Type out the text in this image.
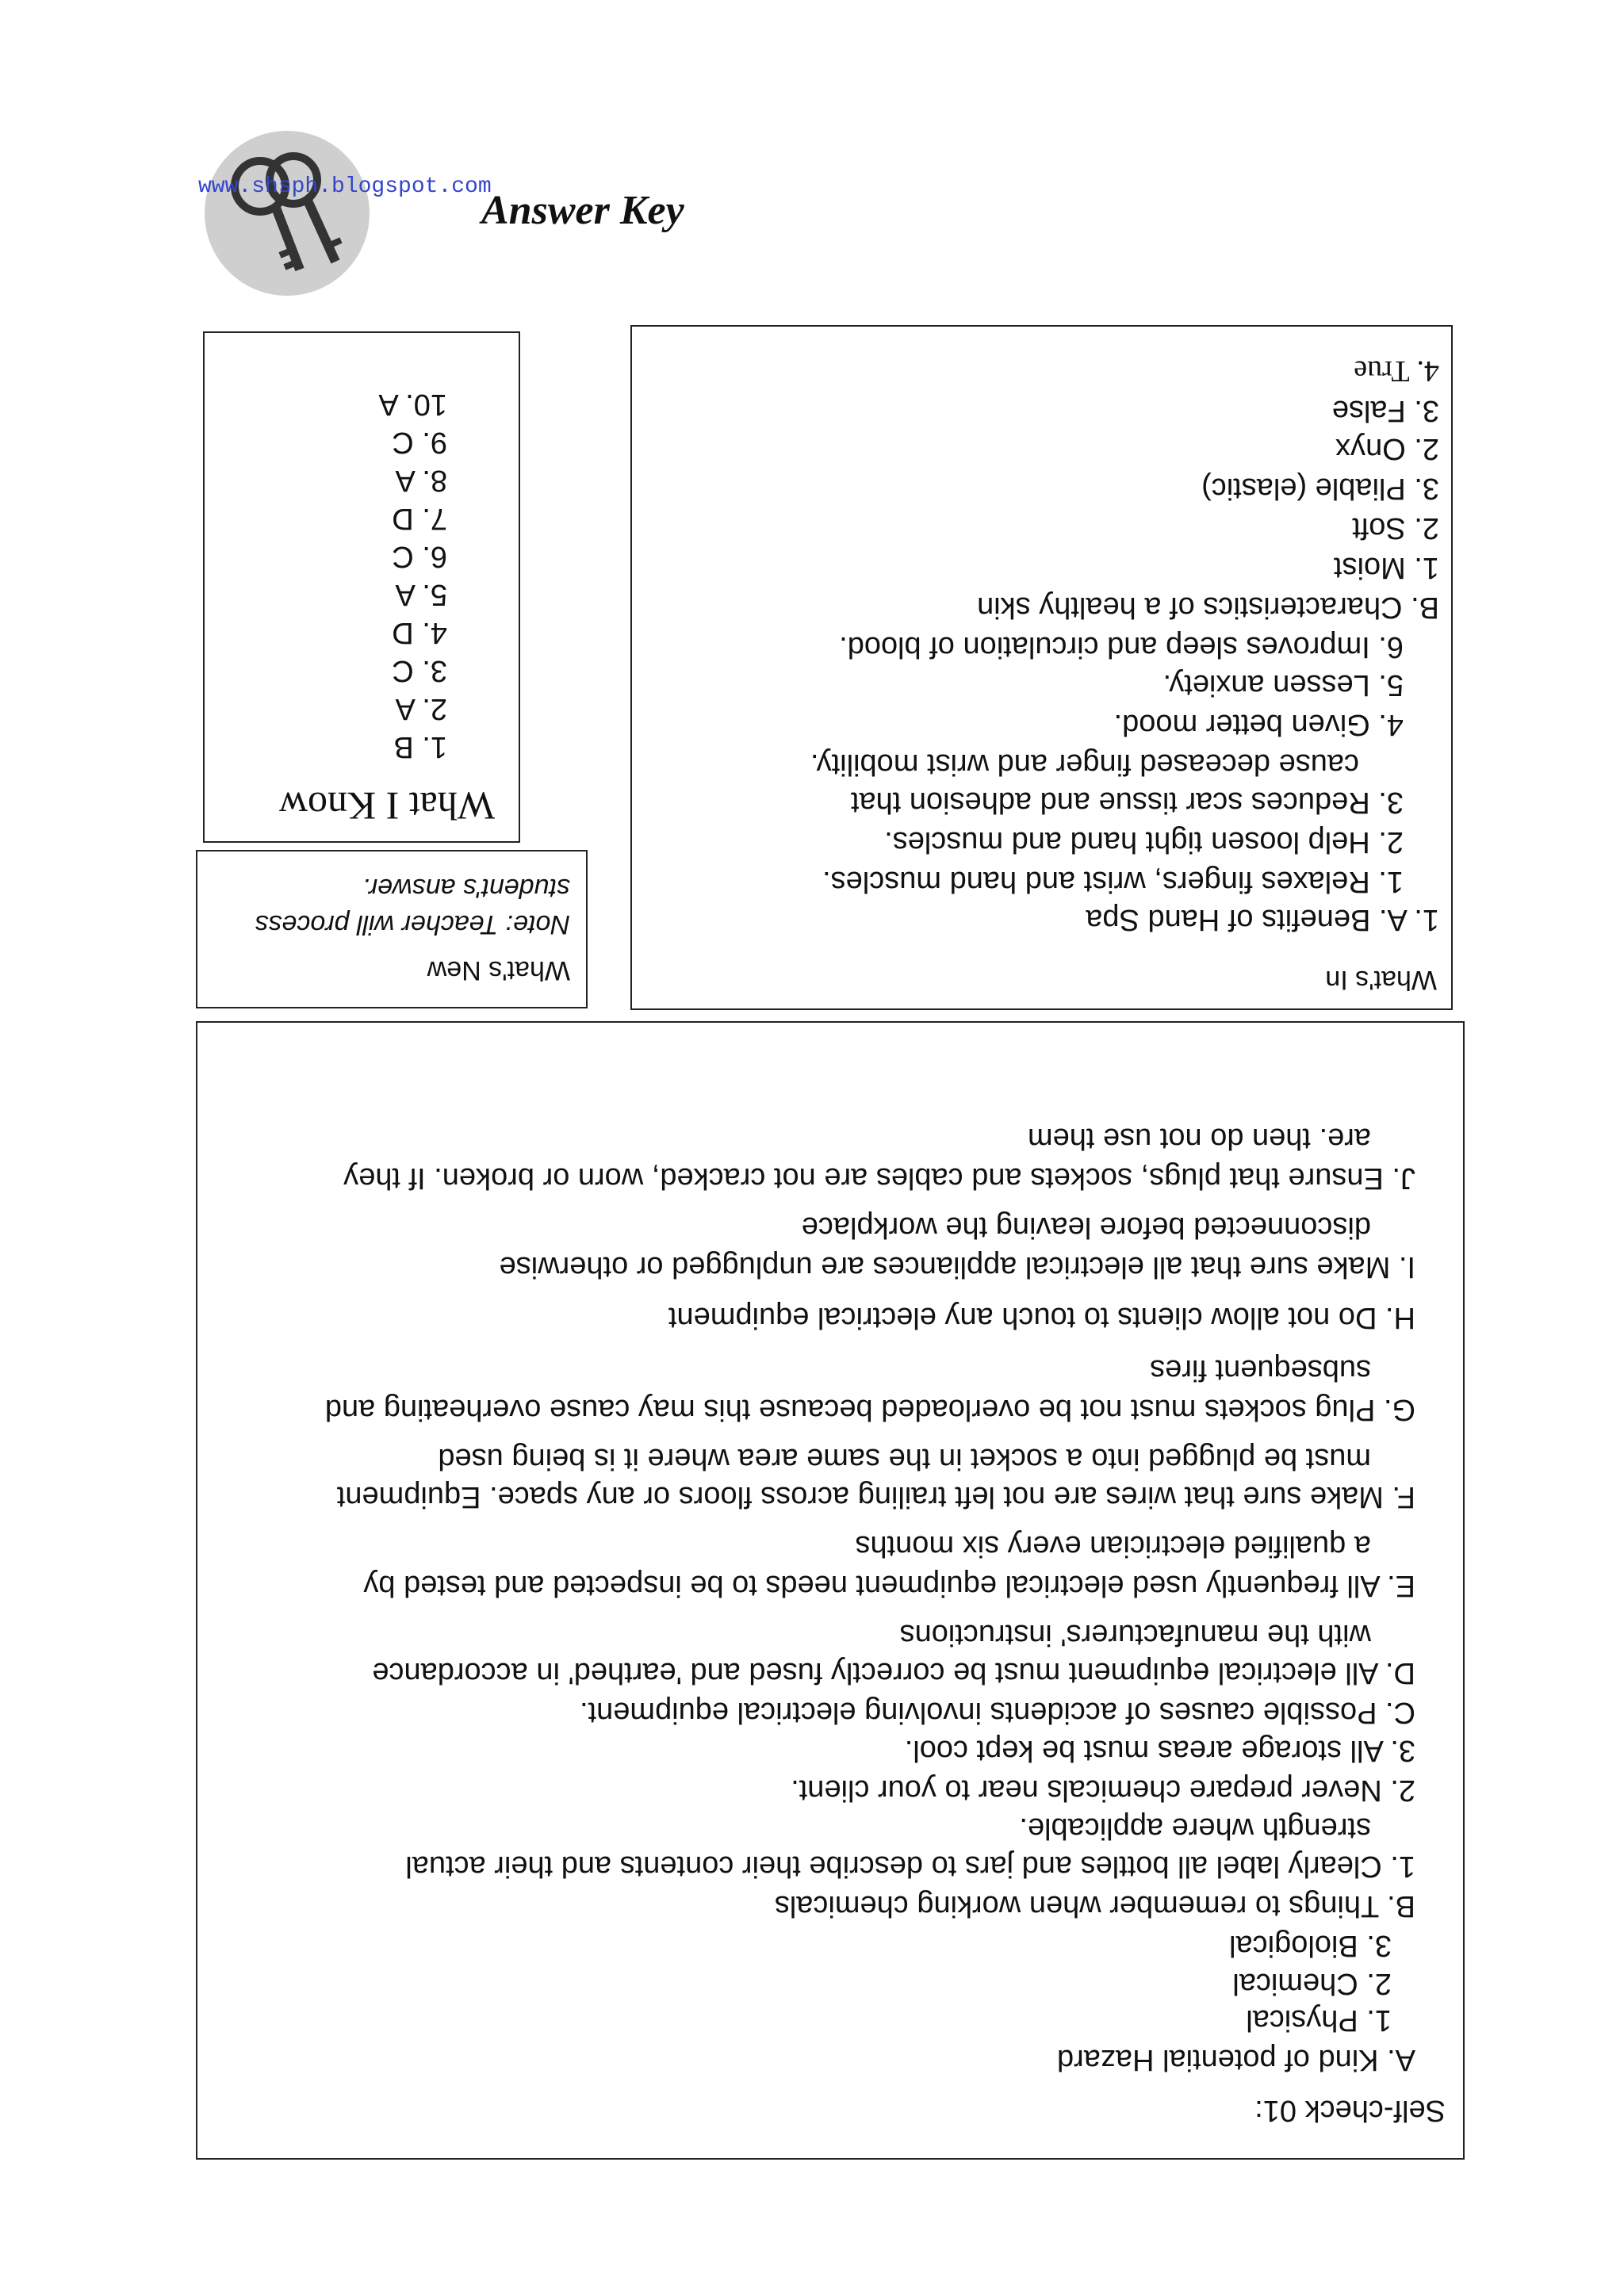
www.shsph.blogspot.com
Answer Key
What I Know
1. B
2. A
3. C
4. D
5. A
6. C
7. D
8. A
9. C
10. A
What's New
Note: Teacher will process
student's answer.
What's In
1. A. Benefits of Hand Spa
1. Relaxes fingers, wrist and hand muscles.
2. Help loosen tight hand and muscles.
3. Reduces scar tissue and adhesion that
cause deceased finger and wrist mobility.
4. Given better mood.
5. Lessen anxiety.
6. Improves sleep and circulation of blood.
B. Characteristics of a healthy skin
1. Moist
2. Soft
3. Pliable (elastic)
2. Onyx
3. False
4. True
Self-check 01:
A. Kind of potential Hazard
1. Physical
2. Chemical
3. Biological
B. Things to remember when working chemicals
1. Clearly label all bottles and jars to describe their contents and their actual
strength where applicable.
2. Never prepare chemicals near to your client.
3. All storage areas must be kept cool.
C. Possible causes of accidents involving electrical equipment.
D. All electrical equipment must be correctly fused and 'earthed' in accordance
with the manufacturers' instructions
E. All frequently used electrical equipment needs to be inspected and tested by
a qualified electrician every six months
F. Make sure that wires are not left trailing across floors or any space. Equipment
must be plugged into a socket in the same area where it is being used
G. Plug sockets must not be overloaded because this may cause overheating and
subsequent fires
H. Do not allow clients to touch any electrical equipment
I. Make sure that all electrical appliances are unplugged or otherwise
disconnected before leaving the workplace
J. Ensure that plugs, sockets and cables are not cracked, worn or broken. If they
are. then do not use them
